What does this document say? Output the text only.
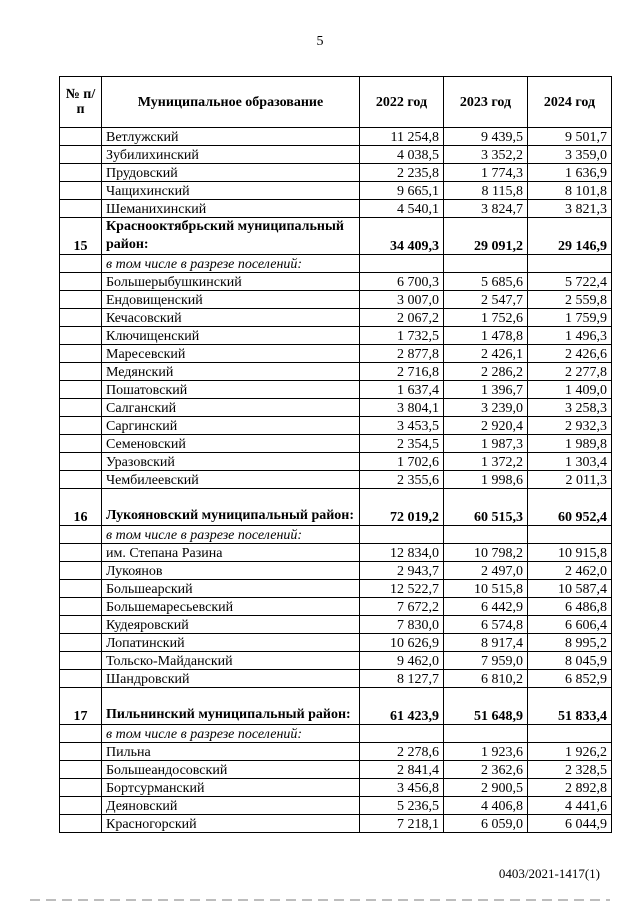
5
№ п/п	Муниципальное образование	2022 год	2023 год	2024 год
	Ветлужский	11 254,8	9 439,5	9 501,7
	Зубилихинский	4 038,5	3 352,2	3 359,0
	Прудовский	2 235,8	1 774,3	1 636,9
	Чащихинский	9 665,1	8 115,8	8 101,8
	Шеманихинский	4 540,1	3 824,7	3 821,3
15	Краснооктябрьский муниципальный район:	34 409,3	29 091,2	29 146,9
	в том числе в разрезе поселений:			
	Большерыбушкинский	6 700,3	5 685,6	5 722,4
	Ендовищенский	3 007,0	2 547,7	2 559,8
	Кечасовский	2 067,2	1 752,6	1 759,9
	Ключищенский	1 732,5	1 478,8	1 496,3
	Маресевский	2 877,8	2 426,1	2 426,6
	Медянский	2 716,8	2 286,2	2 277,8
	Пошатовский	1 637,4	1 396,7	1 409,0
	Салганский	3 804,1	3 239,0	3 258,3
	Саргинский	3 453,5	2 920,4	2 932,3
	Семеновский	2 354,5	1 987,3	1 989,8
	Уразовский	1 702,6	1 372,2	1 303,4
	Чембилеевский	2 355,6	1 998,6	2 011,3
16	Лукояновский муниципальный район:	72 019,2	60 515,3	60 952,4
	в том числе в разрезе поселений:			
	им. Степана Разина	12 834,0	10 798,2	10 915,8
	Лукоянов	2 943,7	2 497,0	2 462,0
	Большеарский	12 522,7	10 515,8	10 587,4
	Большемаресьевский	7 672,2	6 442,9	6 486,8
	Кудеяровский	7 830,0	6 574,8	6 606,4
	Лопатинский	10 626,9	8 917,4	8 995,2
	Тольско-Майданский	9 462,0	7 959,0	8 045,9
	Шандровский	8 127,7	6 810,2	6 852,9
17	Пильнинский муниципальный район:	61 423,9	51 648,9	51 833,4
	в том числе в разрезе поселений:			
	Пильна	2 278,6	1 923,6	1 926,2
	Большеандосовский	2 841,4	2 362,6	2 328,5
	Бортсурманский	3 456,8	2 900,5	2 892,8
	Деяновский	5 236,5	4 406,8	4 441,6
	Красногорский	7 218,1	6 059,0	6 044,9
0403/2021-1417(1)
